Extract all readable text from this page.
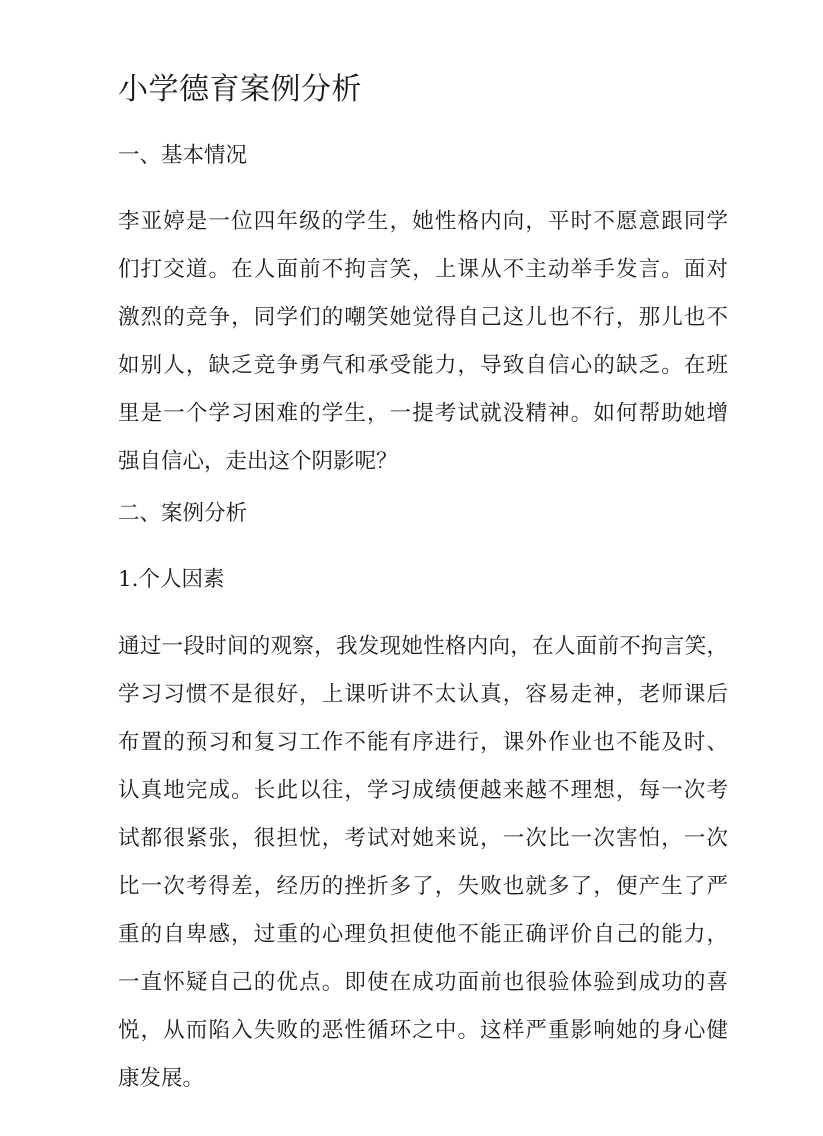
小学德育案例分析
一、基本情况
李亚婷是一位四年级的学生，她性格内向，平时不愿意跟同学
们打交道。在人面前不拘言笑，上课从不主动举手发言。面对
激烈的竞争，同学们的嘲笑她觉得自己这儿也不行，那儿也不
如别人，缺乏竞争勇气和承受能力，导致自信心的缺乏。在班
里是一个学习困难的学生，一提考试就没精神。如何帮助她增
强自信心，走出这个阴影呢？
二、案例分析
1.个人因素
通过一段时间的观察，我发现她性格内向，在人面前不拘言笑，
学习习惯不是很好，上课听讲不太认真，容易走神，老师课后
布置的预习和复习工作不能有序进行，课外作业也不能及时、
认真地完成。长此以往，学习成绩便越来越不理想，每一次考
试都很紧张，很担忧，考试对她来说，一次比一次害怕，一次
比一次考得差，经历的挫折多了，失败也就多了，便产生了严
重的自卑感，过重的心理负担使他不能正确评价自己的能力，
一直怀疑自己的优点。即使在成功面前也很验体验到成功的喜
悦，从而陷入失败的恶性循环之中。这样严重影响她的身心健
康发展。
